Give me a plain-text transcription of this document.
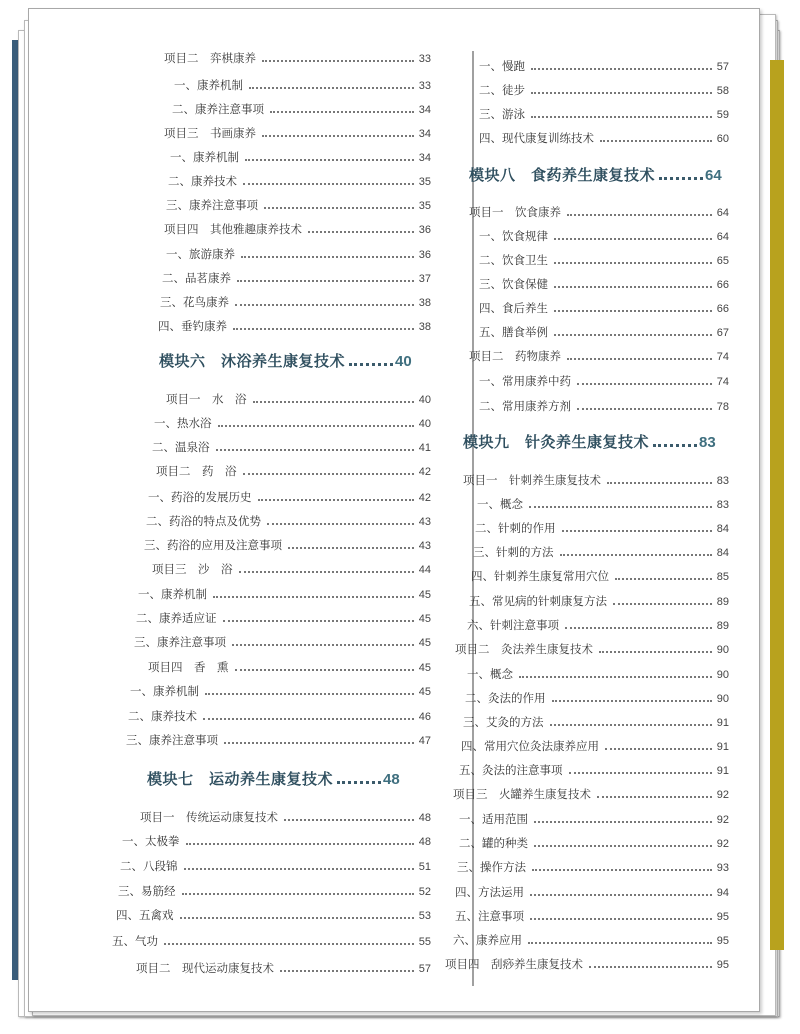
项目二　弈棋康养	33
一、康养机制	33
二、康养注意事项	34
项目三　书画康养	34
一、康养机制	34
二、康养技术	35
三、康养注意事项	35
项目四　其他雅趣康养技术	36
一、旅游康养	36
二、品茗康养	37
三、花鸟康养	38
四、垂钓康养	38
模块六　沐浴养生康复技术	40
项目一　水　浴	40
一、热水浴	40
二、温泉浴	41
项目二　药　浴	42
一、药浴的发展历史	42
二、药浴的特点及优势	43
三、药浴的应用及注意事项	43
项目三　沙　浴	44
一、康养机制	45
二、康养适应证	45
三、康养注意事项	45
项目四　香　熏	45
一、康养机制	45
二、康养技术	46
三、康养注意事项	47
模块七　运动养生康复技术	48
项目一　传统运动康复技术	48
一、太极拳	48
二、八段锦	51
三、易筋经	52
四、五禽戏	53
五、气功	55
项目二　现代运动康复技术	57
一、慢跑	57
二、徒步	58
三、游泳	59
四、现代康复训练技术	60
模块八　食药养生康复技术	64
项目一　饮食康养	64
一、饮食规律	64
二、饮食卫生	65
三、饮食保健	66
四、食后养生	66
五、膳食举例	67
项目二　药物康养	74
一、常用康养中药	74
二、常用康养方剂	78
模块九　针灸养生康复技术	83
项目一　针刺养生康复技术	83
一、概念	83
二、针刺的作用	84
三、针刺的方法	84
四、针刺养生康复常用穴位	85
五、常见病的针刺康复方法	89
六、针刺注意事项	89
项目二　灸法养生康复技术	90
一、概念	90
二、灸法的作用	90
三、艾灸的方法	91
四、常用穴位灸法康养应用	91
五、灸法的注意事项	91
项目三　火罐养生康复技术	92
一、适用范围	92
二、罐的种类	92
三、操作方法	93
四、方法运用	94
五、注意事项	95
六、康养应用	95
项目四　刮痧养生康复技术	95
